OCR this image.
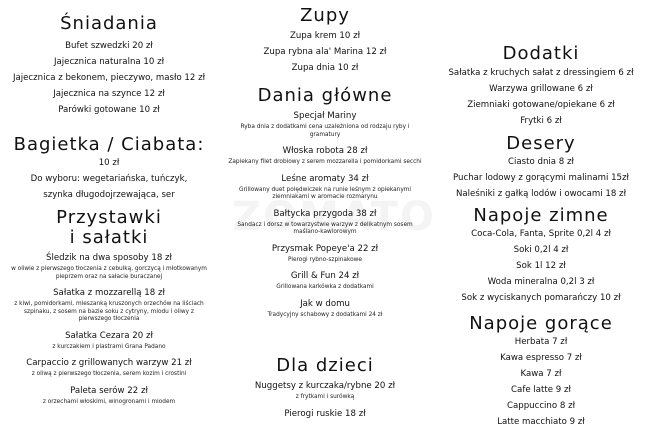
Śniadania
Bufet szwedzki 20 zł
Jajecznica naturalna 10 zł
Jajecznica z bekonem, pieczywo, masło 12 zł
Jajecznica na szynce 12 zł
Parówki gotowane 10 zł
Bagietka / Ciabata:
10 zł
Do wyboru: wegetariańska, tuńczyk,
szynka długodojrzewająca, ser
Przystawki
i sałatki
Śledzik na dwa sposoby 18 zł
w oliwie z pierwszego tłoczenia z cebulką, gorczycą i młotkowanym pieprzem oraz na sałacie buraczanej
Sałatka z mozzarellą 18 zł
z kiwi, pomidorkami, mieszanką kruszonych orzechów na liściach szpinaku, z sosem na bazie soku z cytryny, miodu i oliwy z pierwszego tłoczenia
Sałatka Cezara 20 zł
z kurczakiem i plastrami Grana Padano
Carpaccio z grillowanych warzyw 21 zł
z oliwą z pierwszego tłoczenia, serem kozim i crostini
Paleta serów 22 zł
z orzechami włoskimi, winogronami i miodem
Zupy
Zupa krem 10 zł
Zupa rybna ala' Marina 12 zł
Zupa dnia 10 zł
Dania główne
Specjał Mariny
Ryba dnia z dodatkami cena uzależniona od rodzaju ryby i gramatury
Włoska robota 28 zł
Zapiekany filet drobiowy z serem mozzarella i pomidorkami secchi
Leśne aromaty 34 zł
Grillowany duet polędwiczek na runie leśnym z opiekanymi ziemniakami w aromacie rozmarynu
Bałtycka przygoda 38 zł
Sandacz i dorsz w towarzystwie warzyw z delikatnym sosem maślano-kawiorowym
Przysmak Popeye'a 22 zł
Pierogi rybno-szpinakowe
Grill & Fun 24 zł
Grillowana karkówka z dodatkami
Jak w domu
Tradycyjny schabowy z dodatkami 24 zł
Dla dzieci
Nuggetsy z kurczaka/rybne 20 zł
z frytkami i surówką
Pierogi ruskie 18 zł
Dodatki
Sałatka z kruchych sałat z dressingiem 6 zł
Warzywa grillowane 6 zł
Ziemniaki gotowane/opiekane 6 zł
Frytki 6 zł
Desery
Ciasto dnia 8 zł
Puchar lodowy z gorącymi malinami 15zł
Naleśniki z gałką lodów i owocami 18 zł
Napoje zimne
Coca-Cola, Fanta, Sprite 0,2l 4 zł
Soki 0,2l 4 zł
Sok 1l 12 zł
Woda mineralna 0,2l 3 zł
Sok z wyciskanych pomarańczy 10 zł
Napoje gorące
Herbata 7 zł
Kawa espresso 7 zł
Kawa 7 zł
Cafe latte 9 zł
Cappuccino 8 zł
Latte macchiato 9 zł
